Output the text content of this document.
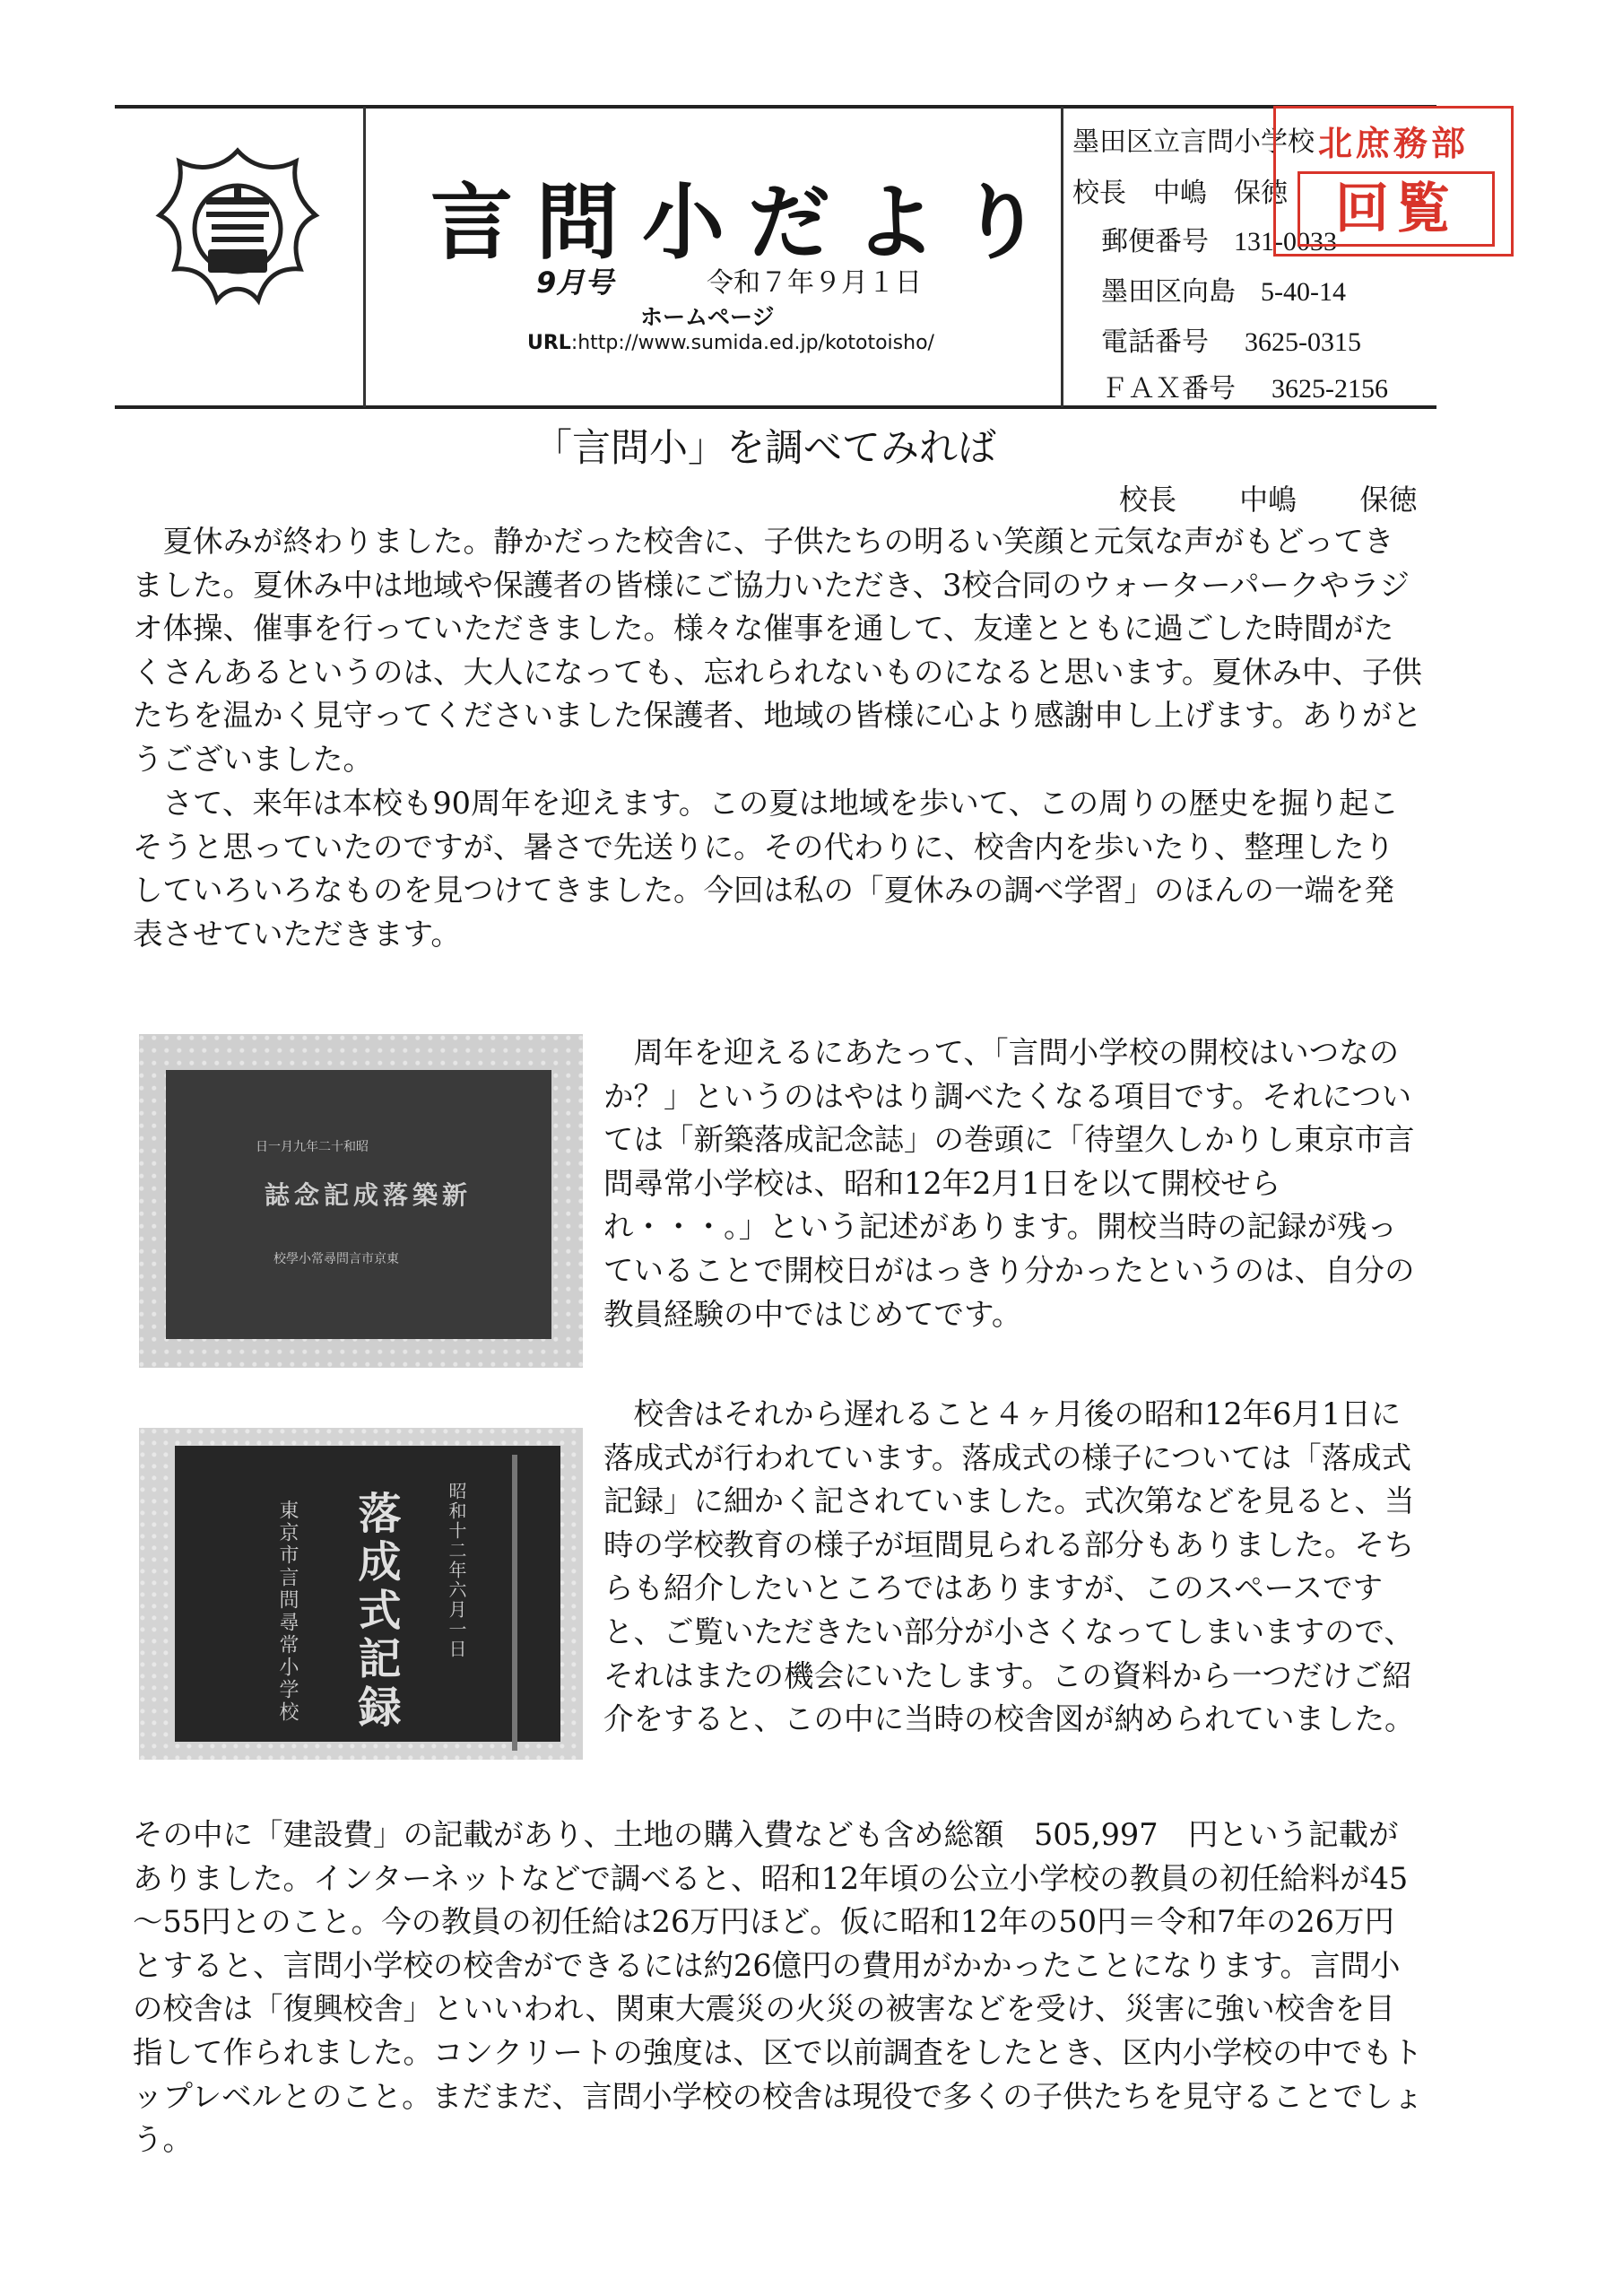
言問小だより
9月号	令和７年９月１日
ホームページ
URL:http://www.sumida.ed.jp/kototoisho/
墨田区立言問小学校
校長　中嶋　保徳
郵便番号 131-0033
墨田区向島 5-40-14
電話番号 3625-0315
ＦＡＸ番号 3625-2156
北庶務部
回覧
「言問小」を調べてみれば
校長 中嶋 保徳
夏休みが終わりました。静かだった校舎に、子供たちの明るい笑顔と元気な声がもどってきました。夏休み中は地域や保護者の皆様にご協力いただき、3校合同のウォーターパークやラジオ体操、催事を行っていただきました。様々な催事を通して、友達とともに過ごした時間がたくさんあるというのは、大人になっても、忘れられないものになると思います。夏休み中、子供たちを温かく見守ってくださいました保護者、地域の皆様に心より感謝申し上げます。ありがとうございました。
さて、来年は本校も90周年を迎えます。この夏は地域を歩いて、この周りの歴史を掘り起こそうと思っていたのですが、暑さで先送りに。その代わりに、校舎内を歩いたり、整理したりしていろいろなものを見つけてきました。今回は私の「夏休みの調べ学習」のほんの一端を発表させていただきます。
日一月九年二十和昭
誌念記成落築新
校學小常尋問言市京東
周年を迎えるにあたって、「言問小学校の開校はいつなのか？」というのはやはり調べたくなる項目です。それについては「新築落成記念誌」の巻頭に「待望久しかりし東京市言問尋常小学校は、昭和12年2月1日を以て開校せられ・・・。」という記述があります。開校当時の記録が残っていることで開校日がはっきり分かったというのは、自分の教員経験の中ではじめてです。
昭和十二年六月一日
落成式記録
東京市言問尋常小学校
校舎はそれから遅れること４ヶ月後の昭和12年6月1日に落成式が行われています。落成式の様子については「落成式記録」に細かく記されていました。式次第などを見ると、当時の学校教育の様子が垣間見られる部分もありました。そちらも紹介したいところではありますが、このスペースですと、ご覧いただきたい部分が小さくなってしまいますので、それはまたの機会にいたします。この資料から一つだけご紹介をすると、この中に当時の校舎図が納められていました。
その中に「建設費」の記載があり、土地の購入費なども含め総額　505,997　円という記載がありました。インターネットなどで調べると、昭和12年頃の公立小学校の教員の初任給料が45～55円とのこと。今の教員の初任給は26万円ほど。仮に昭和12年の50円＝令和7年の26万円とすると、言問小学校の校舎ができるには約26億円の費用がかかったことになります。言問小の校舎は「復興校舎」といいわれ、関東大震災の火災の被害などを受け、災害に強い校舎を目指して作られました。コンクリートの強度は、区で以前調査をしたとき、区内小学校の中でもトップレベルとのこと。まだまだ、言問小学校の校舎は現役で多くの子供たちを見守ることでしょう。
